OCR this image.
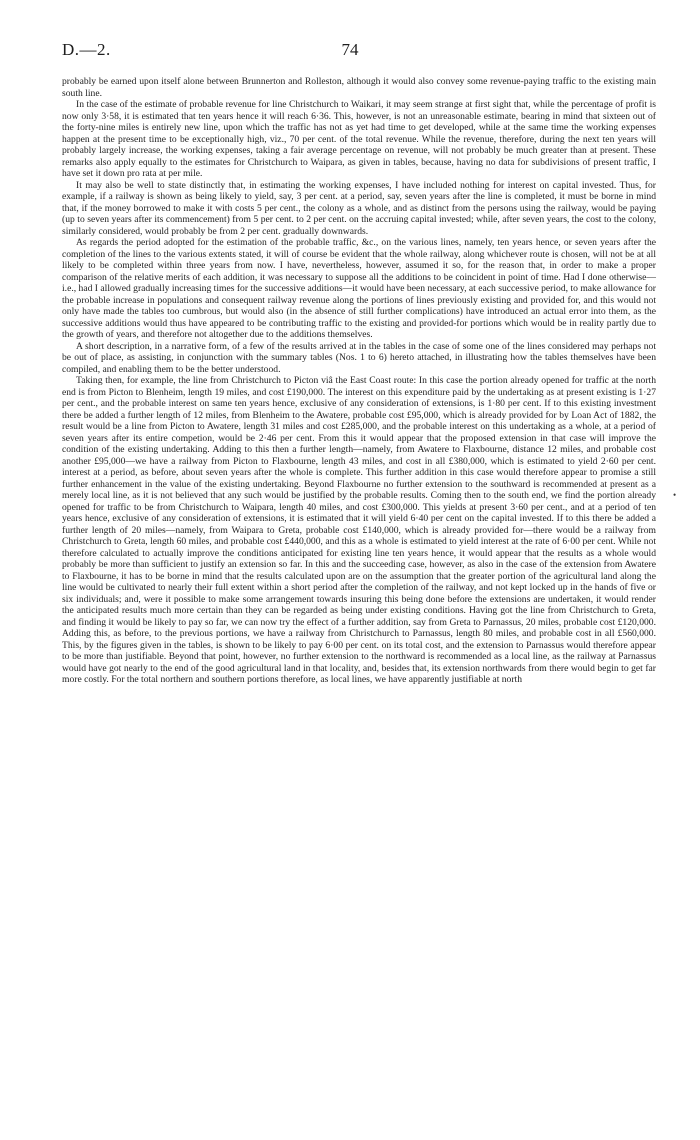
D.—2.	74

probably be earned upon itself alone between Brunnerton and Rolleston, although it would also convey some revenue-paying traffic to the existing main south line.

In the case of the estimate of probable revenue for line Christchurch to Waikari, it may seem strange at first sight that, while the percentage of profit is now only 3·58, it is estimated that ten years hence it will reach 6·36. This, however, is not an unreasonable estimate, bearing in mind that sixteen out of the forty-nine miles is entirely new line, upon which the traffic has not as yet had time to get developed, while at the same time the working expenses happen at the present time to be exceptionally high, viz., 70 per cent. of the total revenue. While the revenue, therefore, during the next ten years will probably largely increase, the working expenses, taking a fair average percentage on revenue, will not probably be much greater than at present. These remarks also apply equally to the estimates for Christchurch to Waipara, as given in tables, because, having no data for subdivisions of present traffic, I have set it down pro rata at per mile.

It may also be well to state distinctly that, in estimating the working expenses, I have included nothing for interest on capital invested. Thus, for example, if a railway is shown as being likely to yield, say, 3 per cent. at a period, say, seven years after the line is completed, it must be borne in mind that, if the money borrowed to make it with costs 5 per cent., the colony as a whole, and as distinct from the persons using the railway, would be paying (up to seven years after its commencement) from 5 per cent. to 2 per cent. on the accruing capital invested; while, after seven years, the cost to the colony, similarly considered, would probably be from 2 per cent. gradually downwards.

As regards the period adopted for the estimation of the probable traffic, &c., on the various lines, namely, ten years hence, or seven years after the completion of the lines to the various extents stated, it will of course be evident that the whole railway, along whichever route is chosen, will not be at all likely to be completed within three years from now. I have, nevertheless, however, assumed it so, for the reason that, in order to make a proper comparison of the relative merits of each addition, it was necessary to suppose all the additions to be coincident in point of time. Had I done otherwise—i.e., had I allowed gradually increasing times for the successive additions—it would have been necessary, at each successive period, to make allowance for the probable increase in populations and consequent railway revenue along the portions of lines previously existing and provided for, and this would not only have made the tables too cumbrous, but would also (in the absence of still further complications) have introduced an actual error into them, as the successive additions would thus have appeared to be contributing traffic to the existing and provided-for portions which would be in reality partly due to the growth of years, and therefore not altogether due to the additions themselves.

A short description, in a narrative form, of a few of the results arrived at in the tables in the case of some one of the lines considered may perhaps not be out of place, as assisting, in conjunction with the summary tables (Nos. 1 to 6) hereto attached, in illustrating how the tables themselves have been compiled, and enabling them to be the better understood.

Taking then, for example, the line from Christchurch to Picton viâ the East Coast route: In this case the portion already opened for traffic at the north end is from Picton to Blenheim, length 19 miles, and cost £190,000. The interest on this expenditure paid by the undertaking as at present existing is 1·27 per cent., and the probable interest on same ten years hence, exclusive of any consideration of extensions, is 1·80 per cent. If to this existing investment there be added a further length of 12 miles, from Blenheim to the Awatere, probable cost £95,000, which is already provided for by Loan Act of 1882, the result would be a line from Picton to Awatere, length 31 miles and cost £285,000, and the probable interest on this undertaking as a whole, at a period of seven years after its entire competion, would be 2·46 per cent. From this it would appear that the proposed extension in that case will improve the condition of the existing undertaking. Adding to this then a further length—namely, from Awatere to Flaxbourne, distance 12 miles, and probable cost another £95,000—we have a railway from Picton to Flaxbourne, length 43 miles, and cost in all £380,000, which is estimated to yield 2·60 per cent. interest at a period, as before, about seven years after the whole is complete. This further addition in this case would therefore appear to promise a still further enhancement in the value of the existing undertaking. Beyond Flaxbourne no further extension to the southward is recommended at present as a merely local line, as it is not believed that any such would be justified by the probable results. Coming then to the south end, we find the portion already opened for traffic to be from Christchurch to Waipara, length 40 miles, and cost £300,000. This yields at present 3·60 per cent., and at a period of ten years hence, exclusive of any consideration of extensions, it is estimated that it will yield 6·40 per cent on the capital invested. If to this there be added a further length of 20 miles—namely, from Waipara to Greta, probable cost £140,000, which is already provided for—there would be a railway from Christchurch to Greta, length 60 miles, and probable cost £440,000, and this as a whole is estimated to yield interest at the rate of 6·00 per cent. While not therefore calculated to actually improve the conditions anticipated for existing line ten years hence, it would appear that the results as a whole would probably be more than sufficient to justify an extension so far. In this and the succeeding case, however, as also in the case of the extension from Awatere to Flaxbourne, it has to be borne in mind that the results calculated upon are on the assumption that the greater portion of the agricultural land along the line would be cultivated to nearly their full extent within a short period after the completion of the railway, and not kept locked up in the hands of five or six individuals; and, were it possible to make some arrangement towards insuring this being done before the extensions are undertaken, it would render the anticipated results much more certain than they can be regarded as being under existing conditions. Having got the line from Christchurch to Greta, and finding it would be likely to pay so far, we can now try the effect of a further addition, say from Greta to Parnassus, 20 miles, probable cost £120,000. Adding this, as before, to the previous portions, we have a railway from Christchurch to Parnassus, length 80 miles, and probable cost in all £560,000. This, by the figures given in the tables, is shown to be likely to pay 6·00 per cent. on its total cost, and the extension to Parnassus would therefore appear to be more than justifiable. Beyond that point, however, no further extension to the northward is recommended as a local line, as the railway at Parnassus would have got nearly to the end of the good agricultural land in that locality, and, besides that, its extension northwards from there would begin to get far more costly. For the total northern and southern portions therefore, as local lines, we have apparently justifiable at north

•
